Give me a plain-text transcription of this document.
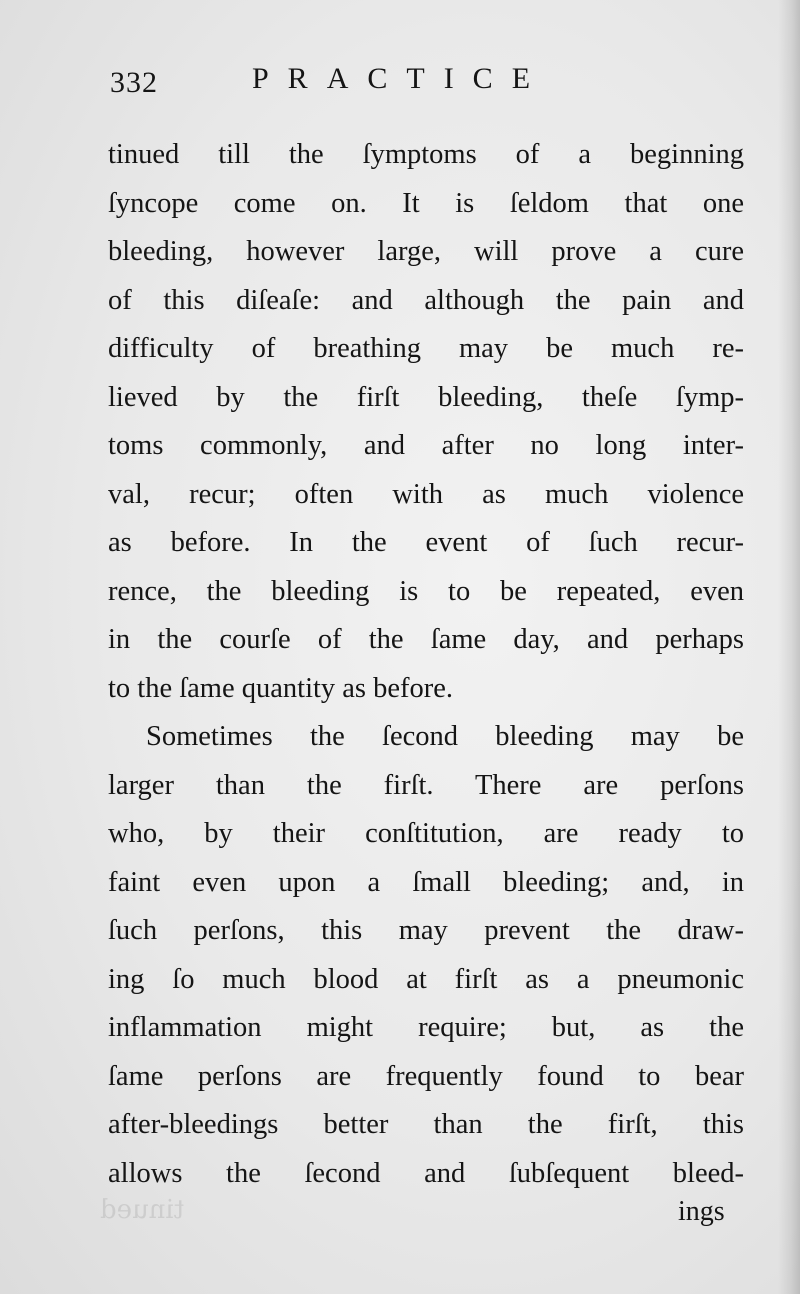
tinued
332	PRACTICE
tinued till the ſymptoms of a beginning
ſyncope come on. It is ſeldom that one
bleeding, however large, will prove a cure
of this diſeaſe: and although the pain and
difficulty of breathing may be much re-
lieved by the firſt bleeding, theſe ſymp-
toms commonly, and after no long inter-
val, recur; often with as much violence
as before. In the event of ſuch recur-
rence, the bleeding is to be repeated, even
in the courſe of the ſame day, and perhaps
to the ſame quantity as before.
Sometimes the ſecond bleeding may be
larger than the firſt. There are perſons
who, by their conſtitution, are ready to
faint even upon a ſmall bleeding; and, in
ſuch perſons, this may prevent the draw-
ing ſo much blood at firſt as a pneumonic
inflammation might require; but, as the
ſame perſons are frequently found to bear
after-bleedings better than the firſt, this
allows the ſecond and ſubſequent bleed-
ings
